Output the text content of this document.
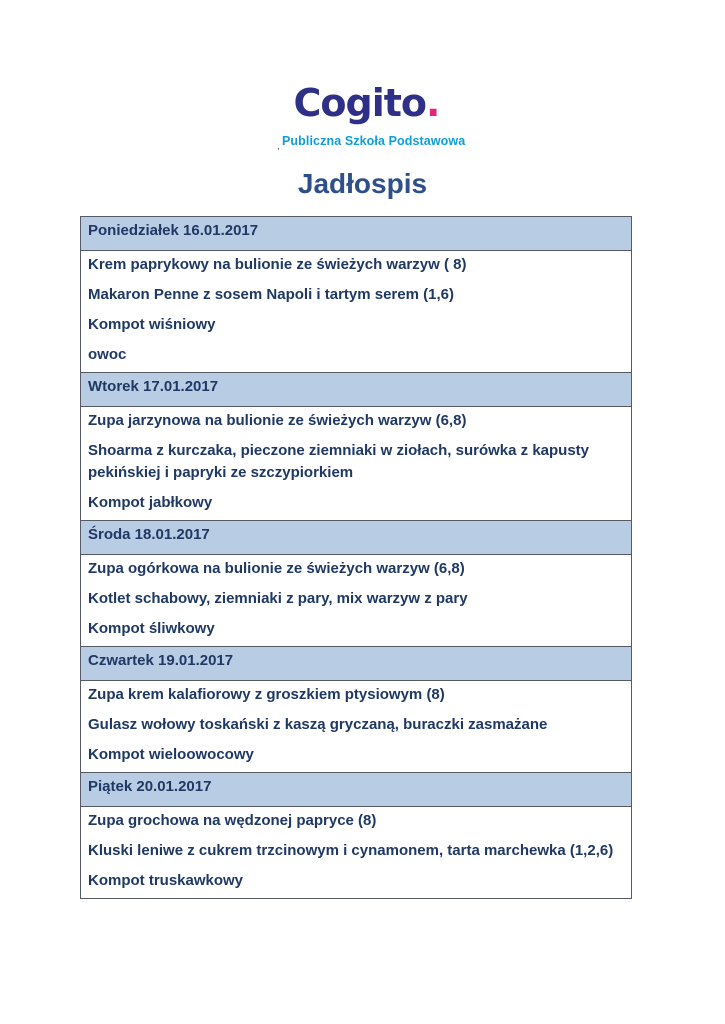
Cogito.
, Publiczna Szkoła Podstawowa
Jadłospis
Poniedziałek 16.01.2017

Krem paprykowy na bulionie ze świeżych warzyw ( 8)
Makaron Penne z sosem Napoli i tartym serem (1,6)
Kompot wiśniowy
owoc

Wtorek 17.01.2017

Zupa jarzynowa na bulionie ze świeżych warzyw (6,8)
Shoarma z kurczaka, pieczone ziemniaki w ziołach, surówka z kapusty pekińskiej i papryki ze szczypiorkiem
Kompot jabłkowy

Środa 18.01.2017

Zupa ogórkowa na bulionie ze świeżych warzyw (6,8)
Kotlet schabowy, ziemniaki z pary, mix warzyw z pary
Kompot śliwkowy

Czwartek 19.01.2017

Zupa krem kalafiorowy z groszkiem ptysiowym (8)
Gulasz wołowy toskański z kaszą gryczaną, buraczki zasmażane
Kompot wieloowocowy

Piątek 20.01.2017

Zupa grochowa na wędzonej papryce (8)
Kluski leniwe z cukrem trzcinowym i cynamonem, tarta marchewka (1,2,6)
Kompot truskawkowy
